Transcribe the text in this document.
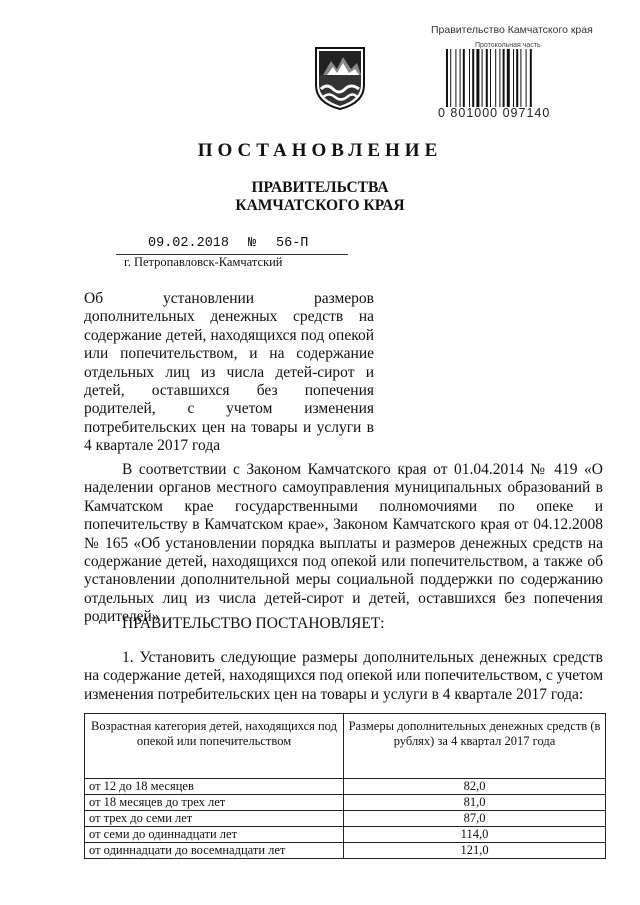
Правительство Камчатского края
Протокольная часть
0 801000 097140
ПОСТАНОВЛЕНИЕ
ПРАВИТЕЛЬСТВА
КАМЧАТСКОГО КРАЯ
09.02.2018 № 56-П
г. Петропавловск-Камчатский
Об установлении размеров дополнительных денежных средств на содержание детей, находящихся под опекой или попечительством, и на содержание отдельных лиц из числа детей-сирот и детей, оставшихся без попечения родителей, с учетом изменения потребительских цен на товары и услуги в 4 квартале 2017 года
В соответствии с Законом Камчатского края от 01.04.2014 № 419 «О наделении органов местного самоуправления муниципальных образований в Камчатском крае государственными полномочиями по опеке и попечительству в Камчатском крае», Законом Камчатского края от 04.12.2008 № 165 «Об установлении порядка выплаты и размеров денежных средств на содержание детей, находящихся под опекой или попечительством, а также об установлении дополнительной меры социальной поддержки по содержанию отдельных лиц из числа детей-сирот и детей, оставшихся без попечения родителей»
ПРАВИТЕЛЬСТВО ПОСТАНОВЛЯЕТ:
1. Установить следующие размеры дополнительных денежных средств на содержание детей, находящихся под опекой или попечительством, с учетом изменения потребительских цен на товары и услуги в 4 квартале 2017 года:
Возрастная категория детей, находящихся под опекой или попечительством	Размеры дополнительных денежных средств (в рублях) за 4 квартал 2017 года
от 12 до 18 месяцев	82,0
от 18 месяцев до трех лет	81,0
от трех до семи лет	87,0
от семи до одиннадцати лет	114,0
от одиннадцати до восемнадцати лет	121,0
